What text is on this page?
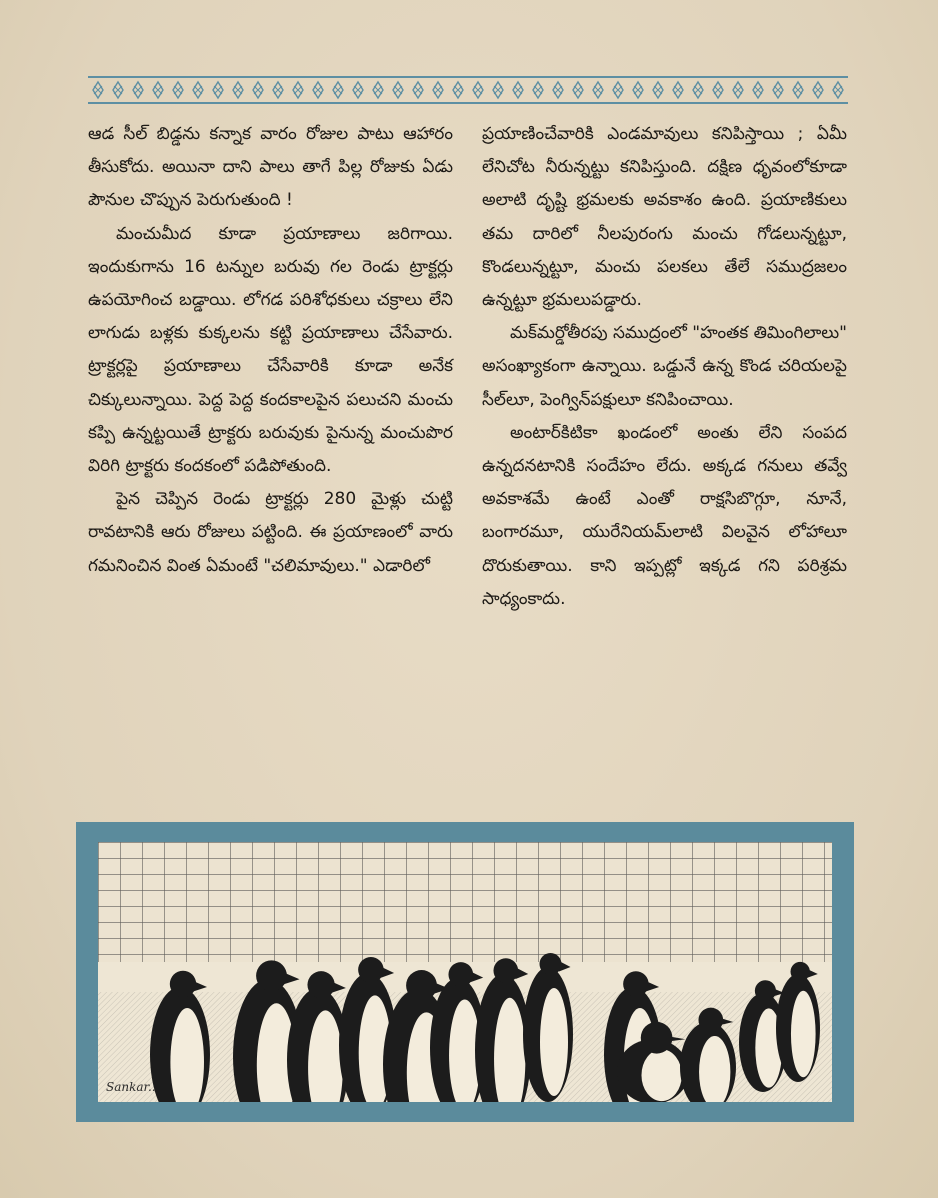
ఆడ సీల్ బిడ్డను కన్నాక వారం రోజుల పాటు ఆహారం తీసుకోదు. అయినా దాని పాలు తాగే పిల్ల రోజుకు ఏడు పౌనుల చొప్పున పెరుగుతుంది !

మంచుమీద కూడా ప్రయాణాలు జరిగాయి. ఇందుకుగాను 16 టన్నుల బరువు గల రెండు ట్రాక్టర్లు ఉపయోగించ బడ్డాయి. లోగడ పరిశోధకులు చక్రాలు లేని లాగుడు బళ్లకు కుక్కలను కట్టి ప్రయాణాలు చేసేవారు. ట్రాక్టర్లపై ప్రయాణాలు చేసేవారికి కూడా అనేక చిక్కులున్నాయి. పెద్ద పెద్ద కందకాలపైన పలుచని మంచు కప్పి ఉన్నట్టయితే ట్రాక్టరు బరువుకు పైనున్న మంచుపొర విరిగి ట్రాక్టరు కందకంలో పడిపోతుంది.

పైన చెప్పిన రెండు ట్రాక్టర్లు 280 మైళ్లు చుట్టి రావటానికి ఆరు రోజులు పట్టింది. ఈ ప్రయాణంలో వారు గమనించిన వింత ఏమంటే "చలిమావులు." ఎడారిలో

ప్రయాణించేవారికి ఎండమావులు కనిపిస్తాయి ; ఏమీ లేనిచోట నీరున్నట్టు కనిపిస్తుంది. దక్షిణ ధృవంలోకూడా అలాటి దృష్టి భ్రమలకు అవకాశం ఉంది. ప్రయాణికులు తమ దారిలో నీలపురంగు మంచు గోడలున్నట్టూ, కొండలున్నట్టూ, మంచు పలకలు తేలే సముద్రజలం ఉన్నట్టూ భ్రమలుపడ్డారు.

మక్‌మర్డోతీరపు సముద్రంలో "హంతక తిమింగిలాలు" అసంఖ్యాకంగా ఉన్నాయి. ఒడ్డునే ఉన్న కొండ చరియలపై సీల్‌లూ, పెంగ్విన్‌పక్షులూ కనిపించాయి.

అంటార్‌కిటికా ఖండంలో అంతు లేని సంపద ఉన్నదనటానికి సందేహం లేదు. అక్కడ గనులు తవ్వే అవకాశమే ఉంటే ఎంతో రాక్షసిబొగ్గూ, నూనే, బంగారమూ, యురేనియమ్‌లాటి విలవైన లోహాలూ దొరుకుతాయి. కాని ఇప్పట్లో ఇక్కడ గని పరిశ్రమ సాధ్యంకాదు.

Sankar..
